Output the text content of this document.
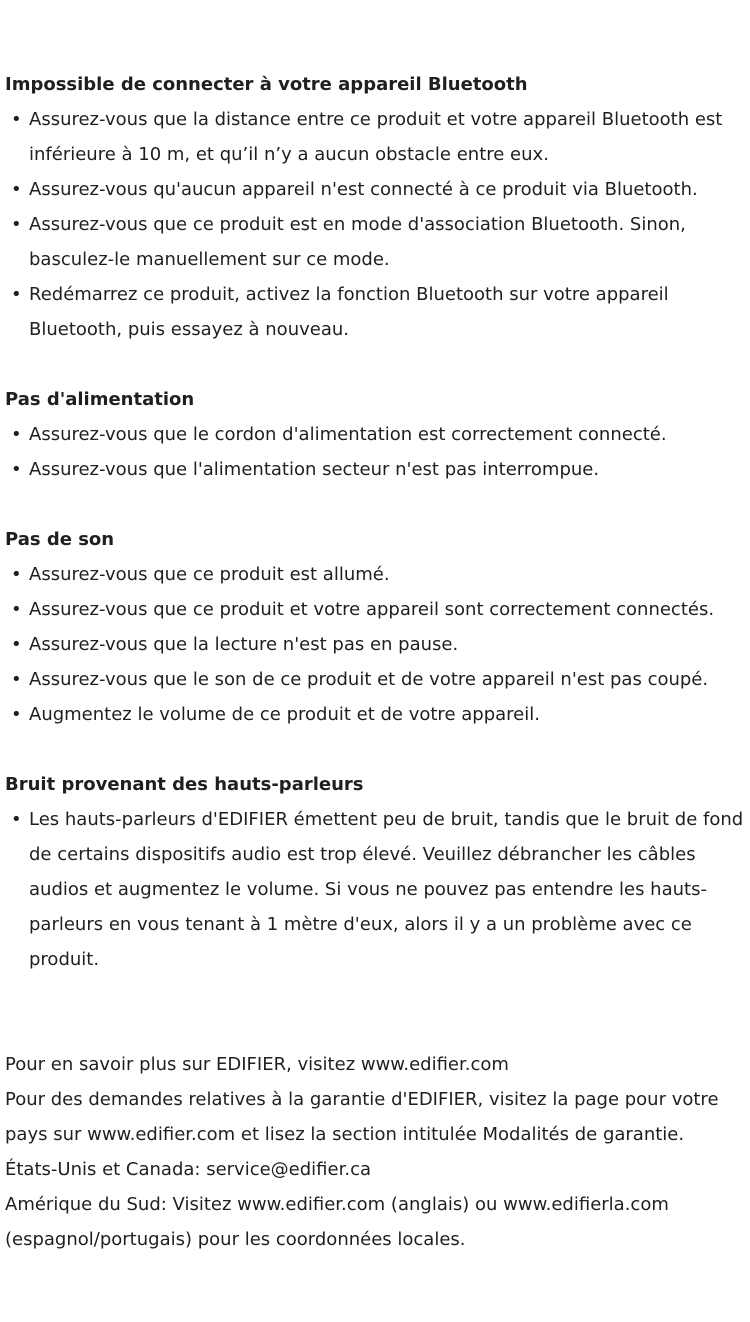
Impossible de connecter à votre appareil Bluetooth
• Assurez-vous que la distance entre ce produit et votre appareil Bluetooth est inférieure à 10 m, et qu’il n’y a aucun obstacle entre eux.
• Assurez-vous qu'aucun appareil n'est connecté à ce produit via Bluetooth.
• Assurez-vous que ce produit est en mode d'association Bluetooth. Sinon, basculez-le manuellement sur ce mode.
• Redémarrez ce produit, activez la fonction Bluetooth sur votre appareil Bluetooth, puis essayez à nouveau.
Pas d'alimentation
• Assurez-vous que le cordon d'alimentation est correctement connecté.
• Assurez-vous que l'alimentation secteur n'est pas interrompue.
Pas de son
• Assurez-vous que ce produit est allumé.
• Assurez-vous que ce produit et votre appareil sont correctement connectés.
• Assurez-vous que la lecture n'est pas en pause.
• Assurez-vous que le son de ce produit et de votre appareil n'est pas coupé.
• Augmentez le volume de ce produit et de votre appareil.
Bruit provenant des hauts-parleurs
• Les hauts-parleurs d'EDIFIER émettent peu de bruit, tandis que le bruit de fond de certains dispositifs audio est trop élevé. Veuillez débrancher les câbles audios et augmentez le volume. Si vous ne pouvez pas entendre les hauts-parleurs en vous tenant à 1 mètre d'eux, alors il y a un problème avec ce produit.

Pour en savoir plus sur EDIFIER, visitez www.edifier.com

Pour des demandes relatives à la garantie d'EDIFIER, visitez la page pour votre pays sur www.edifier.com et lisez la section intitulée Modalités de garantie.

États-Unis et Canada: service@edifier.ca

Amérique du Sud: Visitez www.edifier.com (anglais) ou www.edifierla.com (espagnol/portugais) pour les coordonnées locales.
